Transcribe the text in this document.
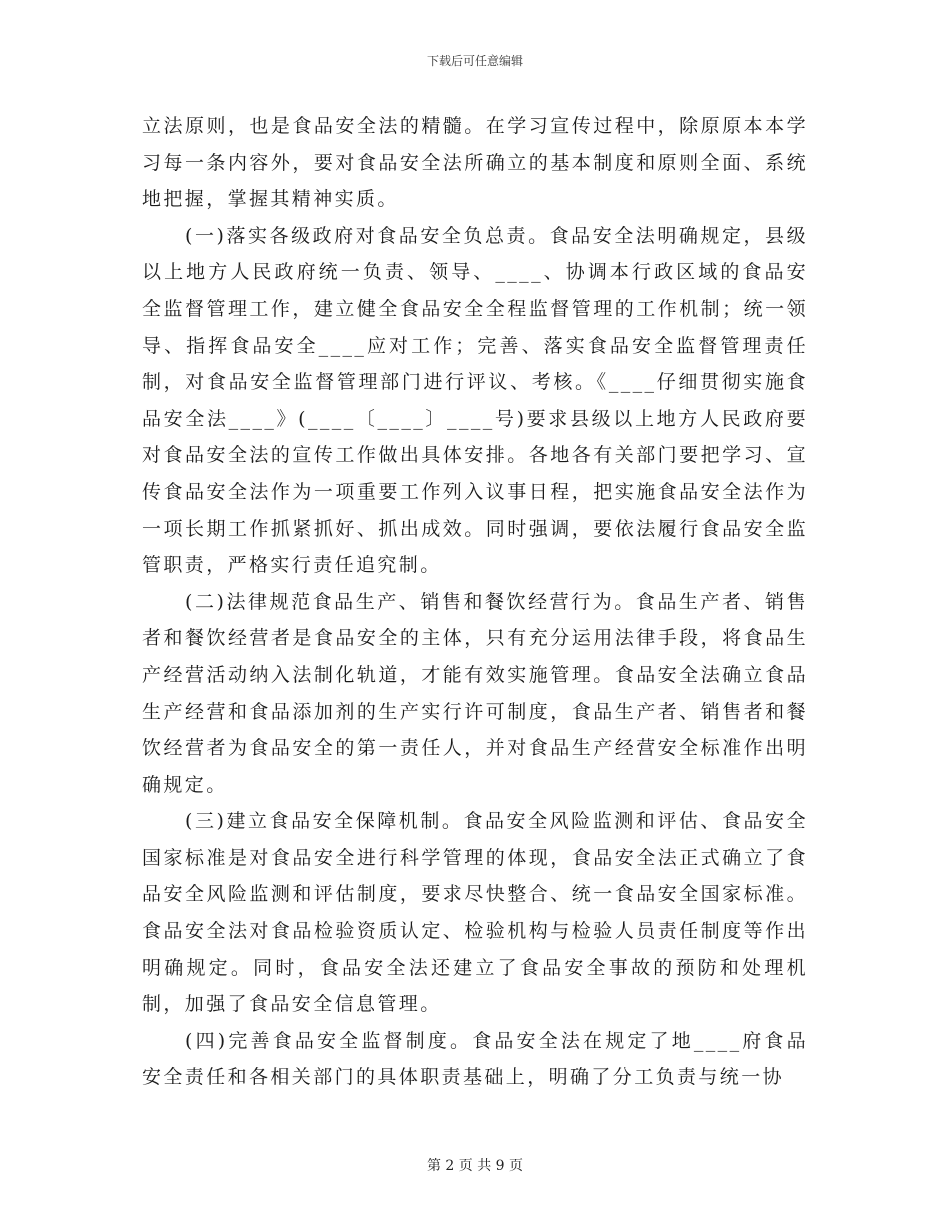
下载后可任意编辑

立法原则，也是食品安全法的精髓。在学习宣传过程中，除原原本本学习每一条内容外，要对食品安全法所确立的基本制度和原则全面、系统地把握，掌握其精神实质。

(一)落实各级政府对食品安全负总责。食品安全法明确规定，县级以上地方人民政府统一负责、领导、____、协调本行政区域的食品安全监督管理工作，建立健全食品安全全程监督管理的工作机制；统一领导、指挥食品安全____应对工作；完善、落实食品安全监督管理责任制，对食品安全监督管理部门进行评议、考核。《____仔细贯彻实施食品安全法____》(____〔____〕____号)要求县级以上地方人民政府要对食品安全法的宣传工作做出具体安排。各地各有关部门要把学习、宣传食品安全法作为一项重要工作列入议事日程，把实施食品安全法作为一项长期工作抓紧抓好、抓出成效。同时强调，要依法履行食品安全监管职责，严格实行责任追究制。

(二)法律规范食品生产、销售和餐饮经营行为。食品生产者、销售者和餐饮经营者是食品安全的主体，只有充分运用法律手段，将食品生产经营活动纳入法制化轨道，才能有效实施管理。食品安全法确立食品生产经营和食品添加剂的生产实行许可制度，食品生产者、销售者和餐饮经营者为食品安全的第一责任人，并对食品生产经营安全标准作出明确规定。

(三)建立食品安全保障机制。食品安全风险监测和评估、食品安全国家标准是对食品安全进行科学管理的体现，食品安全法正式确立了食品安全风险监测和评估制度，要求尽快整合、统一食品安全国家标准。食品安全法对食品检验资质认定、检验机构与检验人员责任制度等作出明确规定。同时，食品安全法还建立了食品安全事故的预防和处理机制，加强了食品安全信息管理。

(四)完善食品安全监督制度。食品安全法在规定了地____府食品安全责任和各相关部门的具体职责基础上，明确了分工负责与统一协

第 2 页 共 9 页
